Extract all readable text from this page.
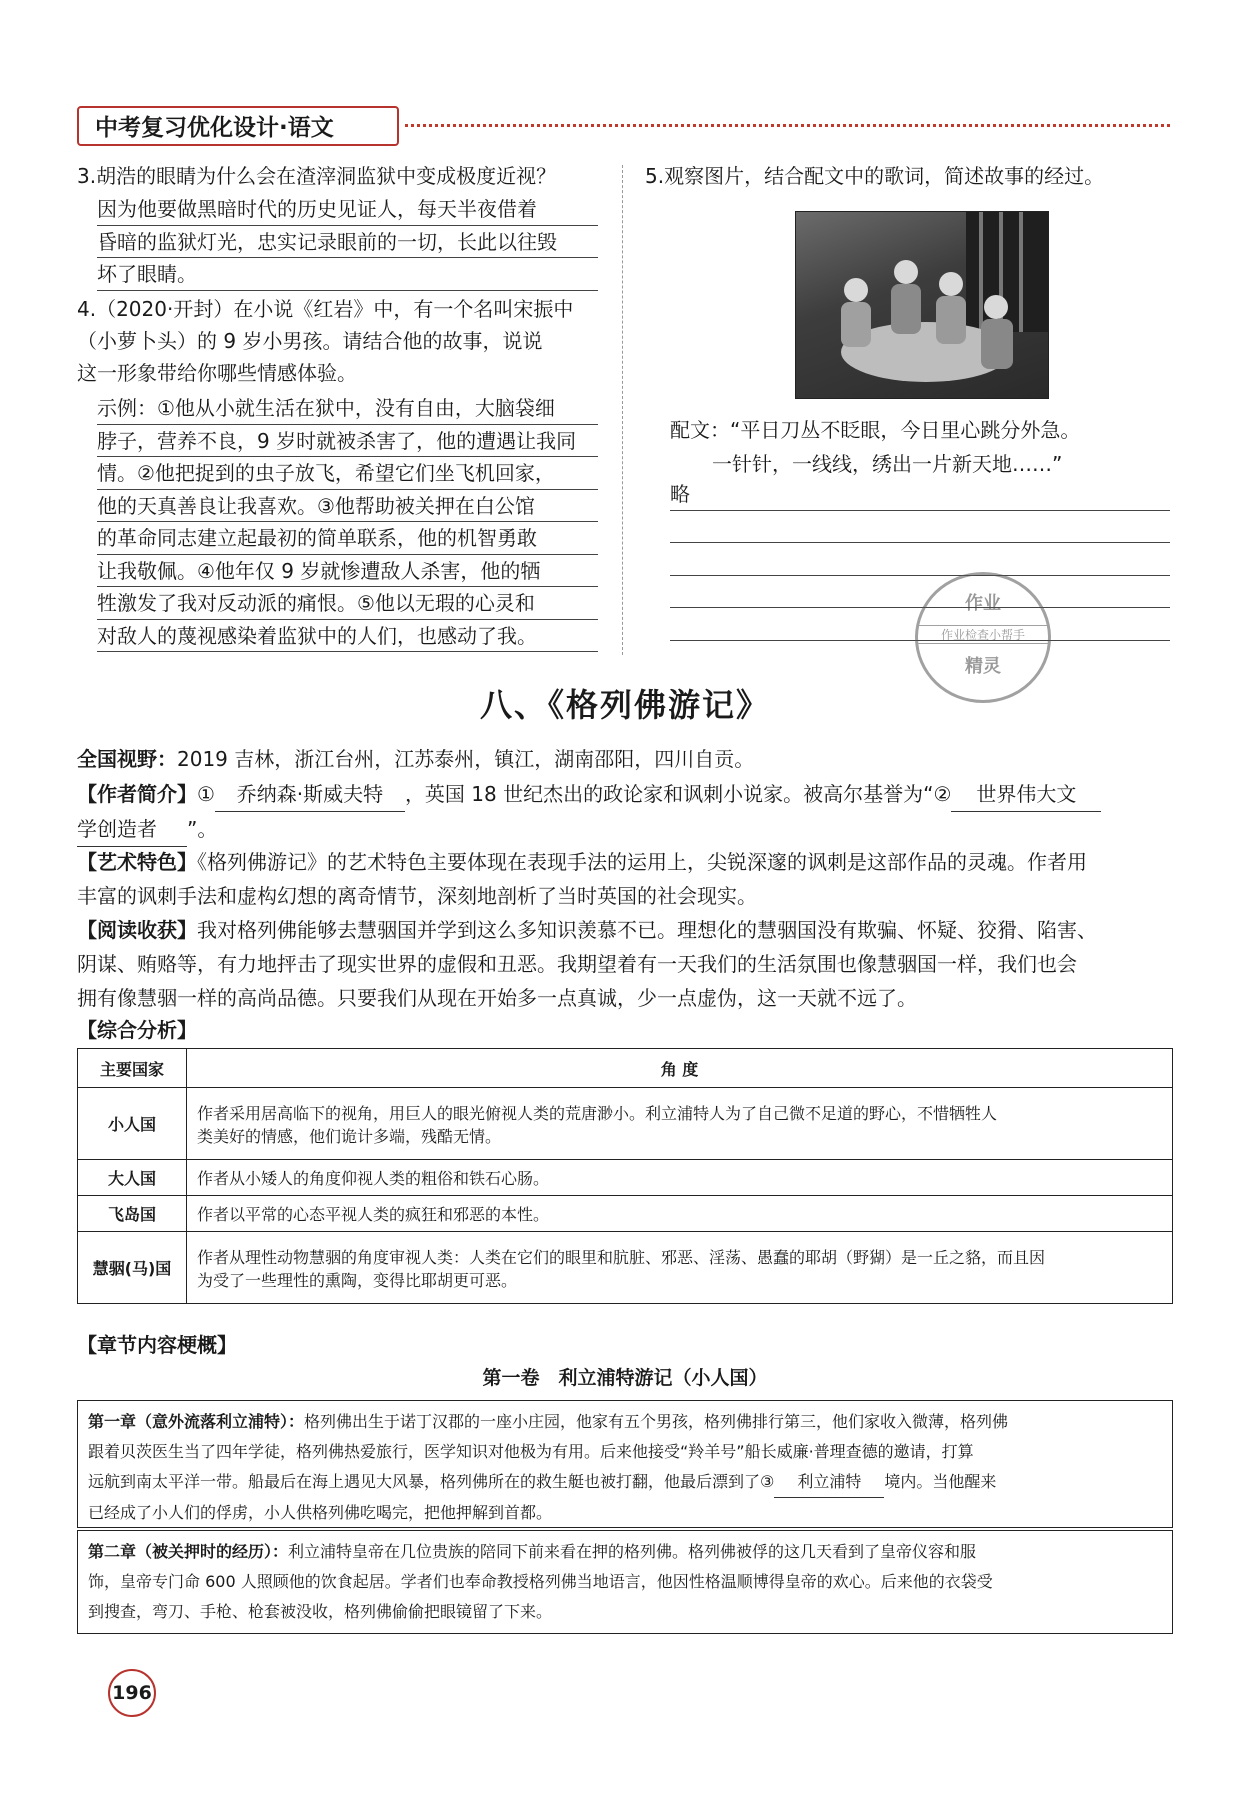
中考复习优化设计·语文
3.胡浩的眼睛为什么会在渣滓洞监狱中变成极度近视？
因为他要做黑暗时代的历史见证人，每天半夜借着
昏暗的监狱灯光，忠实记录眼前的一切，长此以往毁
坏了眼睛。
4.（2020·开封）在小说《红岩》中，有一个名叫宋振中
（小萝卜头）的 9 岁小男孩。请结合他的故事，说说
这一形象带给你哪些情感体验。
示例：①他从小就生活在狱中，没有自由，大脑袋细
脖子，营养不良，9 岁时就被杀害了，他的遭遇让我同
情。②他把捉到的虫子放飞，希望它们坐飞机回家，
他的天真善良让我喜欢。③他帮助被关押在白公馆
的革命同志建立起最初的简单联系，他的机智勇敢
让我敬佩。④他年仅 9 岁就惨遭敌人杀害，他的牺
牲激发了我对反动派的痛恨。⑤他以无瑕的心灵和
对敌人的蔑视感染着监狱中的人们，也感动了我。
5.观察图片，结合配文中的歌词，简述故事的经过。
配文：“平日刀丛不眨眼，今日里心跳分外急。
一针针，一线线，绣出一片新天地……”
略
作业
作业检查小帮手
精灵
八、《格列佛游记》
全国视野：2019 吉林，浙江台州，江苏泰州，镇江，湖南邵阳，四川自贡。
【作者简介】① 乔纳森·斯威夫特 ，英国 18 世纪杰出的政论家和讽刺小说家。被高尔基誉为“② 世界伟大文
学创造者 ”。
【艺术特色】《格列佛游记》的艺术特色主要体现在表现手法的运用上，尖锐深邃的讽刺是这部作品的灵魂。作者用
丰富的讽刺手法和虚构幻想的离奇情节，深刻地剖析了当时英国的社会现实。
【阅读收获】我对格列佛能够去慧骃国并学到这么多知识羡慕不已。理想化的慧骃国没有欺骗、怀疑、狡猾、陷害、
阴谋、贿赂等，有力地抨击了现实世界的虚假和丑恶。我期望着有一天我们的生活氛围也像慧骃国一样，我们也会
拥有像慧骃一样的高尚品德。只要我们从现在开始多一点真诚，少一点虚伪，这一天就不远了。
【综合分析】
主要国家	角 度
小人国	作者采用居高临下的视角，用巨人的眼光俯视人类的荒唐渺小。利立浦特人为了自己微不足道的野心，不惜牺牲人
类美好的情感，他们诡计多端，残酷无情。

大人国	作者从小矮人的角度仰视人类的粗俗和铁石心肠。
飞岛国	作者以平常的心态平视人类的疯狂和邪恶的本性。
慧骃(马)国	作者从理性动物慧骃的角度审视人类：人类在它们的眼里和肮脏、邪恶、淫荡、愚蠢的耶胡（野猢）是一丘之貉，而且因
为受了一些理性的熏陶，变得比耶胡更可恶。
【章节内容梗概】
第一卷　利立浦特游记（小人国）
第一章（意外流落利立浦特）：格列佛出生于诺丁汉郡的一座小庄园，他家有五个男孩，格列佛排行第三，他们家收入微薄，格列佛
跟着贝茨医生当了四年学徒，格列佛热爱旅行，医学知识对他极为有用。后来他接受“羚羊号”船长威廉·普理查德的邀请，打算
远航到南太平洋一带。船最后在海上遇见大风暴，格列佛所在的救生艇也被打翻，他最后漂到了③ 利立浦特 境内。当他醒来
已经成了小人们的俘虏，小人供格列佛吃喝完，把他押解到首都。
第二章（被关押时的经历）：利立浦特皇帝在几位贵族的陪同下前来看在押的格列佛。格列佛被俘的这几天看到了皇帝仪容和服
饰，皇帝专门命 600 人照顾他的饮食起居。学者们也奉命教授格列佛当地语言，他因性格温顺博得皇帝的欢心。后来他的衣袋受
到搜查，弯刀、手枪、枪套被没收，格列佛偷偷把眼镜留了下来。
196
